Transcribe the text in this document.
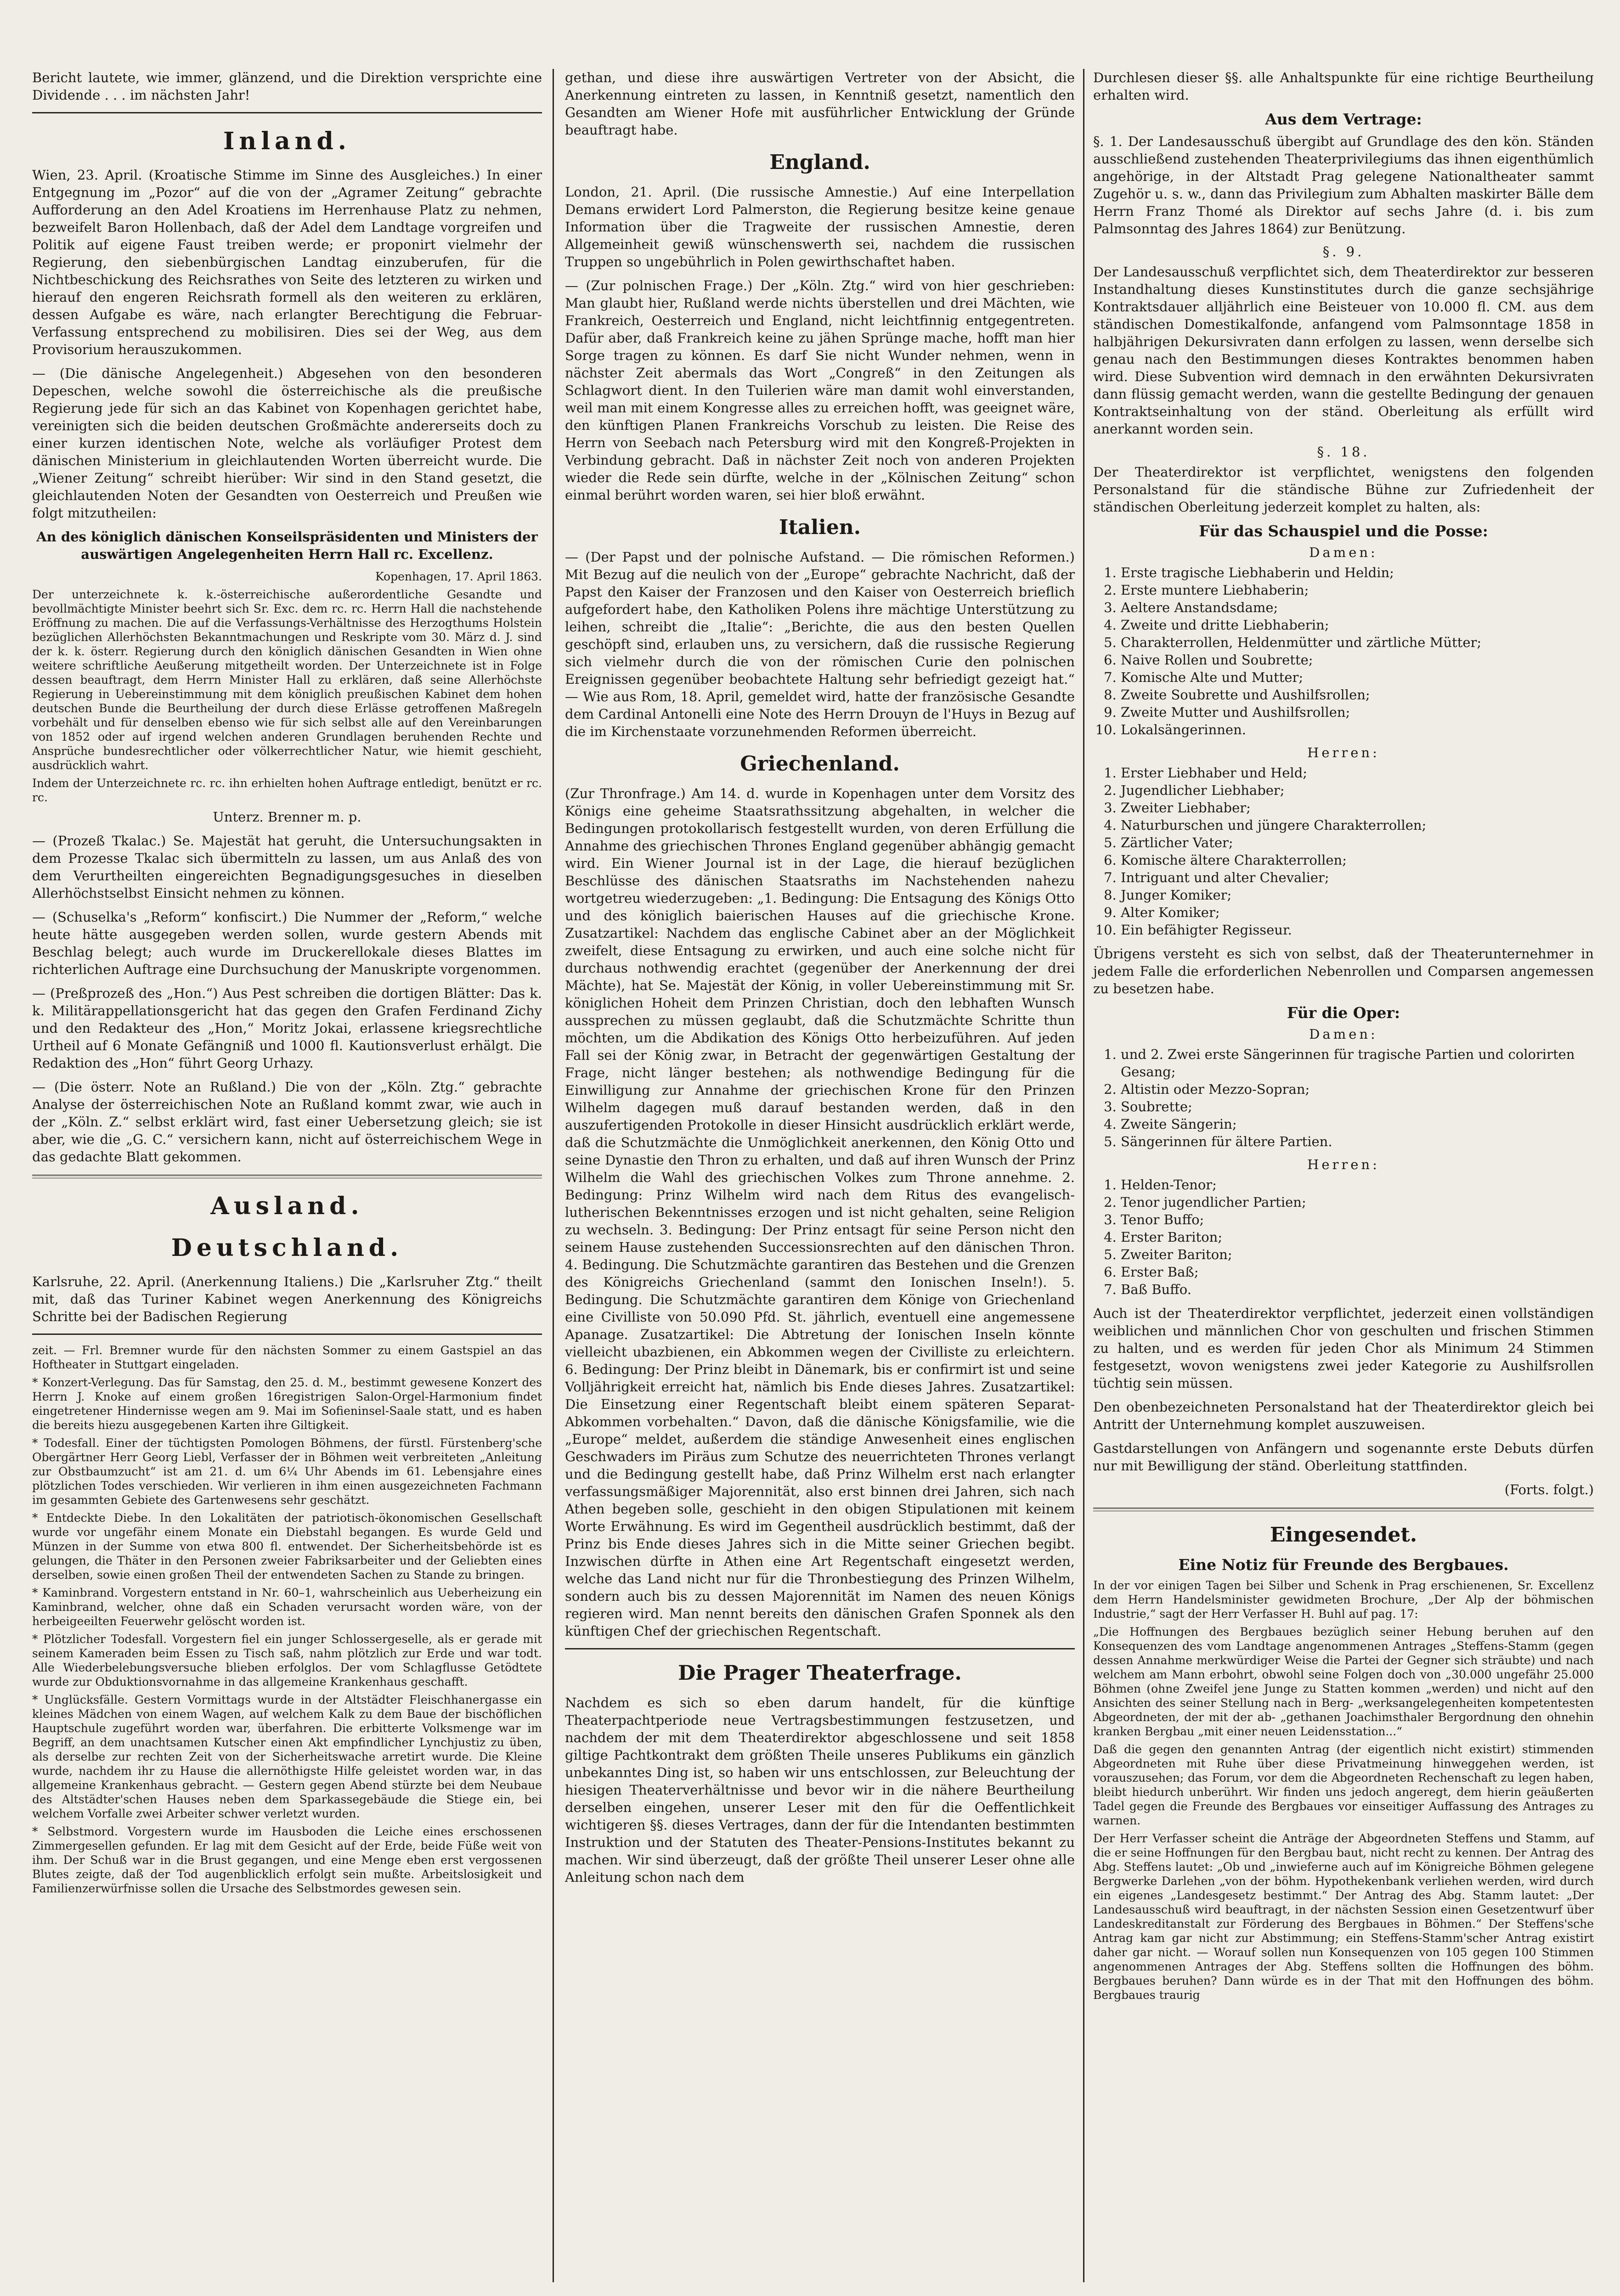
Bericht lautete, wie immer, glänzend, und die Direktion versprichte eine Dividende . . . im nächsten Jahr!

Inland.

Wien, 23. April. (Kroatische Stimme im Sinne des Ausgleiches.) In einer Entgegnung im „Pozor“ auf die von der „Agramer Zeitung“ gebrachte Aufforderung an den Adel Kroatiens im Herrenhause Platz zu nehmen, bezweifelt Baron Hollenbach, daß der Adel dem Landtage vorgreifen und Politik auf eigene Faust treiben werde; er proponirt vielmehr der Regierung, den siebenbürgischen Landtag einzuberufen, für die Nichtbeschickung des Reichsrathes von Seite des letzteren zu wirken und hierauf den engeren Reichsrath formell als den weiteren zu erklären, dessen Aufgabe es wäre, nach erlangter Berechtigung die Februar-Verfassung entsprechend zu mobilisiren. Dies sei der Weg, aus dem Provisorium herauszukommen.

— (Die dänische Angelegenheit.) Abgesehen von den besonderen Depeschen, welche sowohl die österreichische als die preußische Regierung jede für sich an das Kabinet von Kopenhagen gerichtet habe, vereinigten sich die beiden deutschen Großmächte andererseits doch zu einer kurzen identischen Note, welche als vorläufiger Protest dem dänischen Ministerium in gleichlautenden Worten überreicht wurde. Die „Wiener Zeitung“ schreibt hierüber: Wir sind in den Stand gesetzt, die gleichlautenden Noten der Gesandten von Oesterreich und Preußen wie folgt mitzutheilen:

An des königlich dänischen Konseilspräsidenten und Ministers der auswärtigen Angelegenheiten Herrn Hall rc. Excellenz.

Kopenhagen, 17. April 1863.

Der unterzeichnete k. k.-österreichische außerordentliche Gesandte und bevollmächtigte Minister beehrt sich Sr. Exc. dem rc. rc. Herrn Hall die nachstehende Eröffnung zu machen. Die auf die Verfassungs-Verhältnisse des Herzogthums Holstein bezüglichen Allerhöchsten Bekanntmachungen und Reskripte vom 30. März d. J. sind der k. k. österr. Regierung durch den königlich dänischen Gesandten in Wien ohne weitere schriftliche Aeußerung mitgetheilt worden. Der Unterzeichnete ist in Folge dessen beauftragt, dem Herrn Minister Hall zu erklären, daß seine Allerhöchste Regierung in Uebereinstimmung mit dem königlich preußischen Kabinet dem hohen deutschen Bunde die Beurtheilung der durch diese Erlässe getroffenen Maßregeln vorbehält und für denselben ebenso wie für sich selbst alle auf den Vereinbarungen von 1852 oder auf irgend welchen anderen Grundlagen beruhenden Rechte und Ansprüche bundesrechtlicher oder völkerrechtlicher Natur, wie hiemit geschieht, ausdrücklich wahrt.

Indem der Unterzeichnete rc. rc. ihn erhielten hohen Auftrage entledigt, benützt er rc. rc.

Unterz. Brenner m. p.

— (Prozeß Tkalac.) Se. Majestät hat geruht, die Untersuchungsakten in dem Prozesse Tkalac sich übermitteln zu lassen, um aus Anlaß des von dem Verurtheilten eingereichten Begnadigungsgesuches in dieselben Allerhöchstselbst Einsicht nehmen zu können.

— (Schuselka's „Reform“ konfiscirt.) Die Nummer der „Reform,“ welche heute hätte ausgegeben werden sollen, wurde gestern Abends mit Beschlag belegt; auch wurde im Druckerellokale dieses Blattes im richterlichen Auftrage eine Durchsuchung der Manuskripte vorgenommen.

— (Preßprozeß des „Hon.“) Aus Pest schreiben die dortigen Blätter: Das k. k. Militärappellationsgericht hat das gegen den Grafen Ferdinand Zichy und den Redakteur des „Hon,“ Moritz Jokai, erlassene kriegsrechtliche Urtheil auf 6 Monate Gefängniß und 1000 fl. Kautionsverlust erhälgt. Die Redaktion des „Hon“ führt Georg Urhazy.

— (Die österr. Note an Rußland.) Die von der „Köln. Ztg.“ gebrachte Analyse der österreichischen Note an Rußland kommt zwar, wie auch in der „Köln. Z.“ selbst erklärt wird, fast einer Uebersetzung gleich; sie ist aber, wie die „G. C.“ versichern kann, nicht auf österreichischem Wege in das gedachte Blatt gekommen.

Ausland.
Deutschland.

Karlsruhe, 22. April. (Anerkennung Italiens.) Die „Karlsruher Ztg.“ theilt mit, daß das Turiner Kabinet wegen Anerkennung des Königreichs Schritte bei der Badischen Regierung

zeit. — Frl. Bremner wurde für den nächsten Sommer zu einem Gastspiel an das Hoftheater in Stuttgart eingeladen.

* Konzert-Verlegung. Das für Samstag, den 25. d. M., bestimmt gewesene Konzert des Herrn J. Knoke auf einem großen 16registrigen Salon-Orgel-Harmonium findet eingetretener Hindernisse wegen am 9. Mai im Sofieninsel-Saale statt, und es haben die bereits hiezu ausgegebenen Karten ihre Giltigkeit.

* Todesfall. Einer der tüchtigsten Pomologen Böhmens, der fürstl. Fürstenberg'sche Obergärtner Herr Georg Liebl, Verfasser der in Böhmen weit verbreiteten „Anleitung zur Obstbaumzucht“ ist am 21. d. um 6¼ Uhr Abends im 61. Lebensjahre eines plötzlichen Todes verschieden. Wir verlieren in ihm einen ausgezeichneten Fachmann im gesammten Gebiete des Gartenwesens sehr geschätzt.

* Entdeckte Diebe. In den Lokalitäten der patriotisch-ökonomischen Gesellschaft wurde vor ungefähr einem Monate ein Diebstahl begangen. Es wurde Geld und Münzen in der Summe von etwa 800 fl. entwendet. Der Sicherheitsbehörde ist es gelungen, die Thäter in den Personen zweier Fabriksarbeiter und der Geliebten eines derselben, sowie einen großen Theil der entwendeten Sachen zu Stande zu bringen.

* Kaminbrand. Vorgestern entstand in Nr. 60–1, wahrscheinlich aus Ueberheizung ein Kaminbrand, welcher, ohne daß ein Schaden verursacht worden wäre, von der herbeigeeilten Feuerwehr gelöscht worden ist.

* Plötzlicher Todesfall. Vorgestern fiel ein junger Schlossergeselle, als er gerade mit seinem Kameraden beim Essen zu Tisch saß, nahm plötzlich zur Erde und war todt. Alle Wiederbelebungsversuche blieben erfolglos. Der vom Schlagflusse Getödtete wurde zur Obduktionsvornahme in das allgemeine Krankenhaus geschafft.

* Unglücksfälle. Gestern Vormittags wurde in der Altstädter Fleischhanergasse ein kleines Mädchen von einem Wagen, auf welchem Kalk zu dem Baue der bischöflichen Hauptschule zugeführt worden war, überfahren. Die erbitterte Volksmenge war im Begriff, an dem unachtsamen Kutscher einen Akt empfindlicher Lynchjustiz zu üben, als derselbe zur rechten Zeit von der Sicherheitswache arretirt wurde. Die Kleine wurde, nachdem ihr zu Hause die allernöthigste Hilfe geleistet worden war, in das allgemeine Krankenhaus gebracht. — Gestern gegen Abend stürzte bei dem Neubaue des Altstädter'schen Hauses neben dem Sparkassegebäude die Stiege ein, bei welchem Vorfalle zwei Arbeiter schwer verletzt wurden.

* Selbstmord. Vorgestern wurde im Hausboden die Leiche eines erschossenen Zimmergesellen gefunden. Er lag mit dem Gesicht auf der Erde, beide Füße weit von ihm. Der Schuß war in die Brust gegangen, und eine Menge eben erst vergossenen Blutes zeigte, daß der Tod augenblicklich erfolgt sein mußte. Arbeitslosigkeit und Familienzerwürfnisse sollen die Ursache des Selbstmordes gewesen sein.

gethan, und diese ihre auswärtigen Vertreter von der Absicht, die Anerkennung eintreten zu lassen, in Kenntniß gesetzt, namentlich den Gesandten am Wiener Hofe mit ausführlicher Entwicklung der Gründe beauftragt habe.

England.

London, 21. April. (Die russische Amnestie.) Auf eine Interpellation Demans erwidert Lord Palmerston, die Regierung besitze keine genaue Information über die Tragweite der russischen Amnestie, deren Allgemeinheit gewiß wünschenswerth sei, nachdem die russischen Truppen so ungebührlich in Polen gewirthschaftet haben.

— (Zur polnischen Frage.) Der „Köln. Ztg.“ wird von hier geschrieben: Man glaubt hier, Rußland werde nichts überstellen und drei Mächten, wie Frankreich, Oesterreich und England, nicht leichtfinnig entgegentreten. Dafür aber, daß Frankreich keine zu jähen Sprünge mache, hofft man hier Sorge tragen zu können. Es darf Sie nicht Wunder nehmen, wenn in nächster Zeit abermals das Wort „Congreß“ in den Zeitungen als Schlagwort dient. In den Tuilerien wäre man damit wohl einverstanden, weil man mit einem Kongresse alles zu erreichen hofft, was geeignet wäre, den künftigen Planen Frankreichs Vorschub zu leisten. Die Reise des Herrn von Seebach nach Petersburg wird mit den Kongreß-Projekten in Verbindung gebracht. Daß in nächster Zeit noch von anderen Projekten wieder die Rede sein dürfte, welche in der „Kölnischen Zeitung“ schon einmal berührt worden waren, sei hier bloß erwähnt.

Italien.

— (Der Papst und der polnische Aufstand. — Die römischen Reformen.) Mit Bezug auf die neulich von der „Europe“ gebrachte Nachricht, daß der Papst den Kaiser der Franzosen und den Kaiser von Oesterreich brieflich aufgefordert habe, den Katholiken Polens ihre mächtige Unterstützung zu leihen, schreibt die „Italie“: „Berichte, die aus den besten Quellen geschöpft sind, erlauben uns, zu versichern, daß die russische Regierung sich vielmehr durch die von der römischen Curie den polnischen Ereignissen gegenüber beobachtete Haltung sehr befriedigt gezeigt hat.“ — Wie aus Rom, 18. April, gemeldet wird, hatte der französische Gesandte dem Cardinal Antonelli eine Note des Herrn Drouyn de l'Huys in Bezug auf die im Kirchenstaate vorzunehmenden Reformen überreicht.

Griechenland.

(Zur Thronfrage.) Am 14. d. wurde in Kopenhagen unter dem Vorsitz des Königs eine geheime Staatsrathssitzung abgehalten, in welcher die Bedingungen protokollarisch festgestellt wurden, von deren Erfüllung die Annahme des griechischen Thrones England gegenüber abhängig gemacht wird. Ein Wiener Journal ist in der Lage, die hierauf bezüglichen Beschlüsse des dänischen Staatsraths im Nachstehenden nahezu wortgetreu wiederzugeben: „1. Bedingung: Die Entsagung des Königs Otto und des königlich baierischen Hauses auf die griechische Krone. Zusatzartikel: Nachdem das englische Cabinet aber an der Möglichkeit zweifelt, diese Entsagung zu erwirken, und auch eine solche nicht für durchaus nothwendig erachtet (gegenüber der Anerkennung der drei Mächte), hat Se. Majestät der König, in voller Uebereinstimmung mit Sr. königlichen Hoheit dem Prinzen Christian, doch den lebhaften Wunsch aussprechen zu müssen geglaubt, daß die Schutzmächte Schritte thun möchten, um die Abdikation des Königs Otto herbeizuführen. Auf jeden Fall sei der König zwar, in Betracht der gegenwärtigen Gestaltung der Frage, nicht länger bestehen; als nothwendige Bedingung für die Einwilligung zur Annahme der griechischen Krone für den Prinzen Wilhelm dagegen muß darauf bestanden werden, daß in den auszufertigenden Protokolle in dieser Hinsicht ausdrücklich erklärt werde, daß die Schutzmächte die Unmöglichkeit anerkennen, den König Otto und seine Dynastie den Thron zu erhalten, und daß auf ihren Wunsch der Prinz Wilhelm die Wahl des griechischen Volkes zum Throne annehme. 2. Bedingung: Prinz Wilhelm wird nach dem Ritus des evangelisch-lutherischen Bekenntnisses erzogen und ist nicht gehalten, seine Religion zu wechseln. 3. Bedingung: Der Prinz entsagt für seine Person nicht den seinem Hause zustehenden Successionsrechten auf den dänischen Thron. 4. Bedingung. Die Schutzmächte garantiren das Bestehen und die Grenzen des Königreichs Griechenland (sammt den Ionischen Inseln!). 5. Bedingung. Die Schutzmächte garantiren dem Könige von Griechenland eine Civilliste von 50.090 Pfd. St. jährlich, eventuell eine angemessene Apanage. Zusatzartikel: Die Abtretung der Ionischen Inseln könnte vielleicht ubazbienen, ein Abkommen wegen der Civilliste zu erleichtern. 6. Bedingung: Der Prinz bleibt in Dänemark, bis er confirmirt ist und seine Volljährigkeit erreicht hat, nämlich bis Ende dieses Jahres. Zusatzartikel: Die Einsetzung einer Regentschaft bleibt einem späteren Separat-Abkommen vorbehalten.“ Davon, daß die dänische Königsfamilie, wie die „Europe“ meldet, außerdem die ständige Anwesenheit eines englischen Geschwaders im Piräus zum Schutze des neuerrichteten Thrones verlangt und die Bedingung gestellt habe, daß Prinz Wilhelm erst nach erlangter verfassungsmäßiger Majorennität, also erst binnen drei Jahren, sich nach Athen begeben solle, geschieht in den obigen Stipulationen mit keinem Worte Erwähnung. Es wird im Gegentheil ausdrücklich bestimmt, daß der Prinz bis Ende dieses Jahres sich in die Mitte seiner Griechen begibt. Inzwischen dürfte in Athen eine Art Regentschaft eingesetzt werden, welche das Land nicht nur für die Thronbestiegung des Prinzen Wilhelm, sondern auch bis zu dessen Majorennität im Namen des neuen Königs regieren wird. Man nennt bereits den dänischen Grafen Sponnek als den künftigen Chef der griechischen Regentschaft.

Die Prager Theaterfrage.

Nachdem es sich so eben darum handelt, für die künftige Theaterpachtperiode neue Vertragsbestimmungen festzusetzen, und nachdem der mit dem Theaterdirektor abgeschlossene und seit 1858 giltige Pachtkontrakt dem größten Theile unseres Publikums ein gänzlich unbekanntes Ding ist, so haben wir uns entschlossen, zur Beleuchtung der hiesigen Theaterverhältnisse und bevor wir in die nähere Beurtheilung derselben eingehen, unserer Leser mit den für die Oeffentlichkeit wichtigeren §§. dieses Vertrages, dann der für die Intendanten bestimmten Instruktion und der Statuten des Theater-Pensions-Institutes bekannt zu machen. Wir sind überzeugt, daß der größte Theil unserer Leser ohne alle Anleitung schon nach dem

Durchlesen dieser §§. alle Anhaltspunkte für eine richtige Beurtheilung erhalten wird.

Aus dem Vertrage:

§. 1. Der Landesausschuß übergibt auf Grundlage des den kön. Ständen ausschließend zustehenden Theaterprivilegiums das ihnen eigenthümlich angehörige, in der Altstadt Prag gelegene Nationaltheater sammt Zugehör u. s. w., dann das Privilegium zum Abhalten maskirter Bälle dem Herrn Franz Thomé als Direktor auf sechs Jahre (d. i. bis zum Palmsonntag des Jahres 1864) zur Benützung.

§. 9.

Der Landesausschuß verpflichtet sich, dem Theaterdirektor zur besseren Instandhaltung dieses Kunstinstitutes durch die ganze sechsjährige Kontraktsdauer alljährlich eine Beisteuer von 10.000 fl. CM. aus dem ständischen Domestikalfonde, anfangend vom Palmsonntage 1858 in halbjährigen Dekursivraten dann erfolgen zu lassen, wenn derselbe sich genau nach den Bestimmungen dieses Kontraktes benommen haben wird. Diese Subvention wird demnach in den erwähnten Dekursivraten dann flüssig gemacht werden, wann die gestellte Bedingung der genauen Kontraktseinhaltung von der ständ. Oberleitung als erfüllt wird anerkannt worden sein.

§. 18.

Der Theaterdirektor ist verpflichtet, wenigstens den folgenden Personalstand für die ständische Bühne zur Zufriedenheit der ständischen Oberleitung jederzeit komplet zu halten, als:

Für das Schauspiel und die Posse:
Damen:
1. Erste tragische Liebhaberin und Heldin;
2. Erste muntere Liebhaberin;
3. Aeltere Anstandsdame;
4. Zweite und dritte Liebhaberin;
5. Charakterrollen, Heldenmütter und zärtliche Mütter;
6. Naive Rollen und Soubrette;
7. Komische Alte und Mutter;
8. Zweite Soubrette und Aushilfsrollen;
9. Zweite Mutter und Aushilfsrollen;
10. Lokalsängerinnen.
Herren:
1. Erster Liebhaber und Held;
2. Jugendlicher Liebhaber;
3. Zweiter Liebhaber;
4. Naturburschen und jüngere Charakterrollen;
5. Zärtlicher Vater;
6. Komische ältere Charakterrollen;
7. Intriguant und alter Chevalier;
8. Junger Komiker;
9. Alter Komiker;
10. Ein befähigter Regisseur.

Übrigens versteht es sich von selbst, daß der Theaterunternehmer in jedem Falle die erforderlichen Nebenrollen und Comparsen angemessen zu besetzen habe.

Für die Oper:
Damen:
1. und 2. Zwei erste Sängerinnen für tragische Partien und colorirten Gesang;
2. Altistin oder Mezzo-Sopran;
3. Soubrette;
4. Zweite Sängerin;
5. Sängerinnen für ältere Partien.
Herren:
1. Helden-Tenor;
2. Tenor jugendlicher Partien;
3. Tenor Buffo;
4. Erster Bariton;
5. Zweiter Bariton;
6. Erster Baß;
7. Baß Buffo.

Auch ist der Theaterdirektor verpflichtet, jederzeit einen vollständigen weiblichen und männlichen Chor von geschulten und frischen Stimmen zu halten, und es werden für jeden Chor als Minimum 24 Stimmen festgesetzt, wovon wenigstens zwei jeder Kategorie zu Aushilfsrollen tüchtig sein müssen.

Den obenbezeichneten Personalstand hat der Theaterdirektor gleich bei Antritt der Unternehmung komplet auszuweisen.

Gastdarstellungen von Anfängern und sogenannte erste Debuts dürfen nur mit Bewilligung der ständ. Oberleitung stattfinden.

(Forts. folgt.)

Eingesendet.
Eine Notiz für Freunde des Bergbaues.

In der vor einigen Tagen bei Silber und Schenk in Prag erschienenen, Sr. Excellenz dem Herrn Handelsminister gewidmeten Brochure, „Der Alp der böhmischen Industrie,“ sagt der Herr Verfasser H. Buhl auf pag. 17:

„Die Hoffnungen des Bergbaues bezüglich seiner Hebung beruhen auf den Konsequenzen des vom Landtage angenommenen Antrages „Steffens-Stamm (gegen dessen Annahme merkwürdiger Weise die Partei der Gegner sich sträubte) und nach welchem am Mann erbohrt, obwohl seine Folgen doch von „30.000 ungefähr 25.000 Böhmen (ohne Zweifel jene Junge zu Statten kommen „werden) und nicht auf den Ansichten des seiner Stellung nach in Berg- „werksangelegenheiten kompetentesten Abgeordneten, der mit der ab- „gethanen Joachimsthaler Bergordnung den ohnehin kranken Bergbau „mit einer neuen Leidensstation...“

Daß die gegen den genannten Antrag (der eigentlich nicht existirt) stimmenden Abgeordneten mit Ruhe über diese Privatmeinung hinweggehen werden, ist vorauszusehen; das Forum, vor dem die Abgeordneten Rechenschaft zu legen haben, bleibt hiedurch unberührt. Wir finden uns jedoch angeregt, dem hierin geäußerten Tadel gegen die Freunde des Bergbaues vor einseitiger Auffassung des Antrages zu warnen.

Der Herr Verfasser scheint die Anträge der Abgeordneten Steffens und Stamm, auf die er seine Hoffnungen für den Bergbau baut, nicht recht zu kennen. Der Antrag des Abg. Steffens lautet: „Ob und „inwieferne auch auf im Königreiche Böhmen gelegene Bergwerke Darlehen „von der böhm. Hypothekenbank verliehen werden, wird durch ein eigenes „Landesgesetz bestimmt.“ Der Antrag des Abg. Stamm lautet: „Der Landesausschuß wird beauftragt, in der nächsten Session einen Gesetzentwurf über Landeskreditanstalt zur Förderung des Bergbaues in Böhmen.“ Der Steffens'sche Antrag kam gar nicht zur Abstimmung; ein Steffens-Stamm'scher Antrag existirt daher gar nicht. — Worauf sollen nun Konsequenzen von 105 gegen 100 Stimmen angenommenen Antrages der Abg. Steffens sollten die Hoffnungen des böhm. Bergbaues beruhen? Dann würde es in der That mit den Hoffnungen des böhm. Bergbaues traurig
